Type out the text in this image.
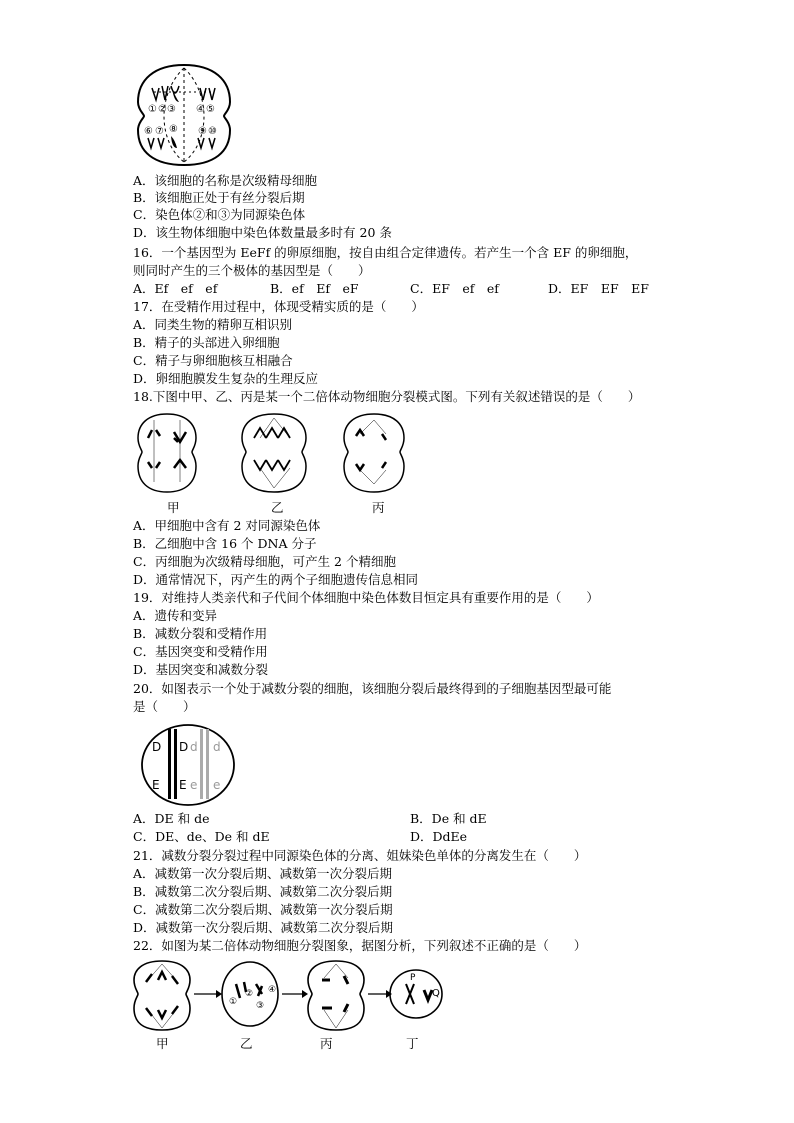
① ② ③ ④ ⑤
⑥ ⑦ ⑧ ⑨ ⑩
A．该细胞的名称是次级精母细胞
B．该细胞正处于有丝分裂后期
C．染色体②和③为同源染色体
D．该生物体细胞中染色体数量最多时有 20 条
16．一个基因型为 EeFf 的卵原细胞，按自由组合定律遗传。若产生一个含 EF 的卵细胞，
则同时产生的三个极体的基因型是（　　）
A．Ef　ef　ef	B．ef　Ef　eF	C．EF　ef　ef	D．EF　EF　EF
17．在受精作用过程中，体现受精实质的是（　　）
A．同类生物的精卵互相识别
B．精子的头部进入卵细胞
C．精子与卵细胞核互相融合
D．卵细胞膜发生复杂的生理反应
18.下图中甲、乙、丙是某一个二倍体动物细胞分裂模式图。下列有关叙述错误的是（　　）
甲	乙	丙
A．甲细胞中含有 2 对同源染色体
B．乙细胞中含 16 个 DNA 分子
C．丙细胞为次级精母细胞，可产生 2 个精细胞
D．通常情况下，丙产生的两个子细胞遗传信息相同
19．对维持人类亲代和子代间个体细胞中染色体数目恒定具有重要作用的是（　　）
A．遗传和变异
B．减数分裂和受精作用
C．基因突变和受精作用
D．基因突变和减数分裂
20．如图表示一个处于减数分裂的细胞，该细胞分裂后最终得到的子细胞基因型最可能
是（　　）
D D d d
E E e e
A．DE 和 de	B．De 和 dE
C．DE、de、De 和 dE	D．DdEe
21．减数分裂分裂过程中同源染色体的分离、姐妹染色单体的分离发生在（　　）
A．减数第一次分裂后期、减数第一次分裂后期
B．减数第二次分裂后期、减数第二次分裂后期
C．减数第二次分裂后期、减数第一次分裂后期
D．减数第一次分裂后期、减数第二次分裂后期
22．如图为某二倍体动物细胞分裂图象，据图分析，下列叙述不正确的是（　　）
①
②
③
④
P
Q
甲	乙	丙	丁
